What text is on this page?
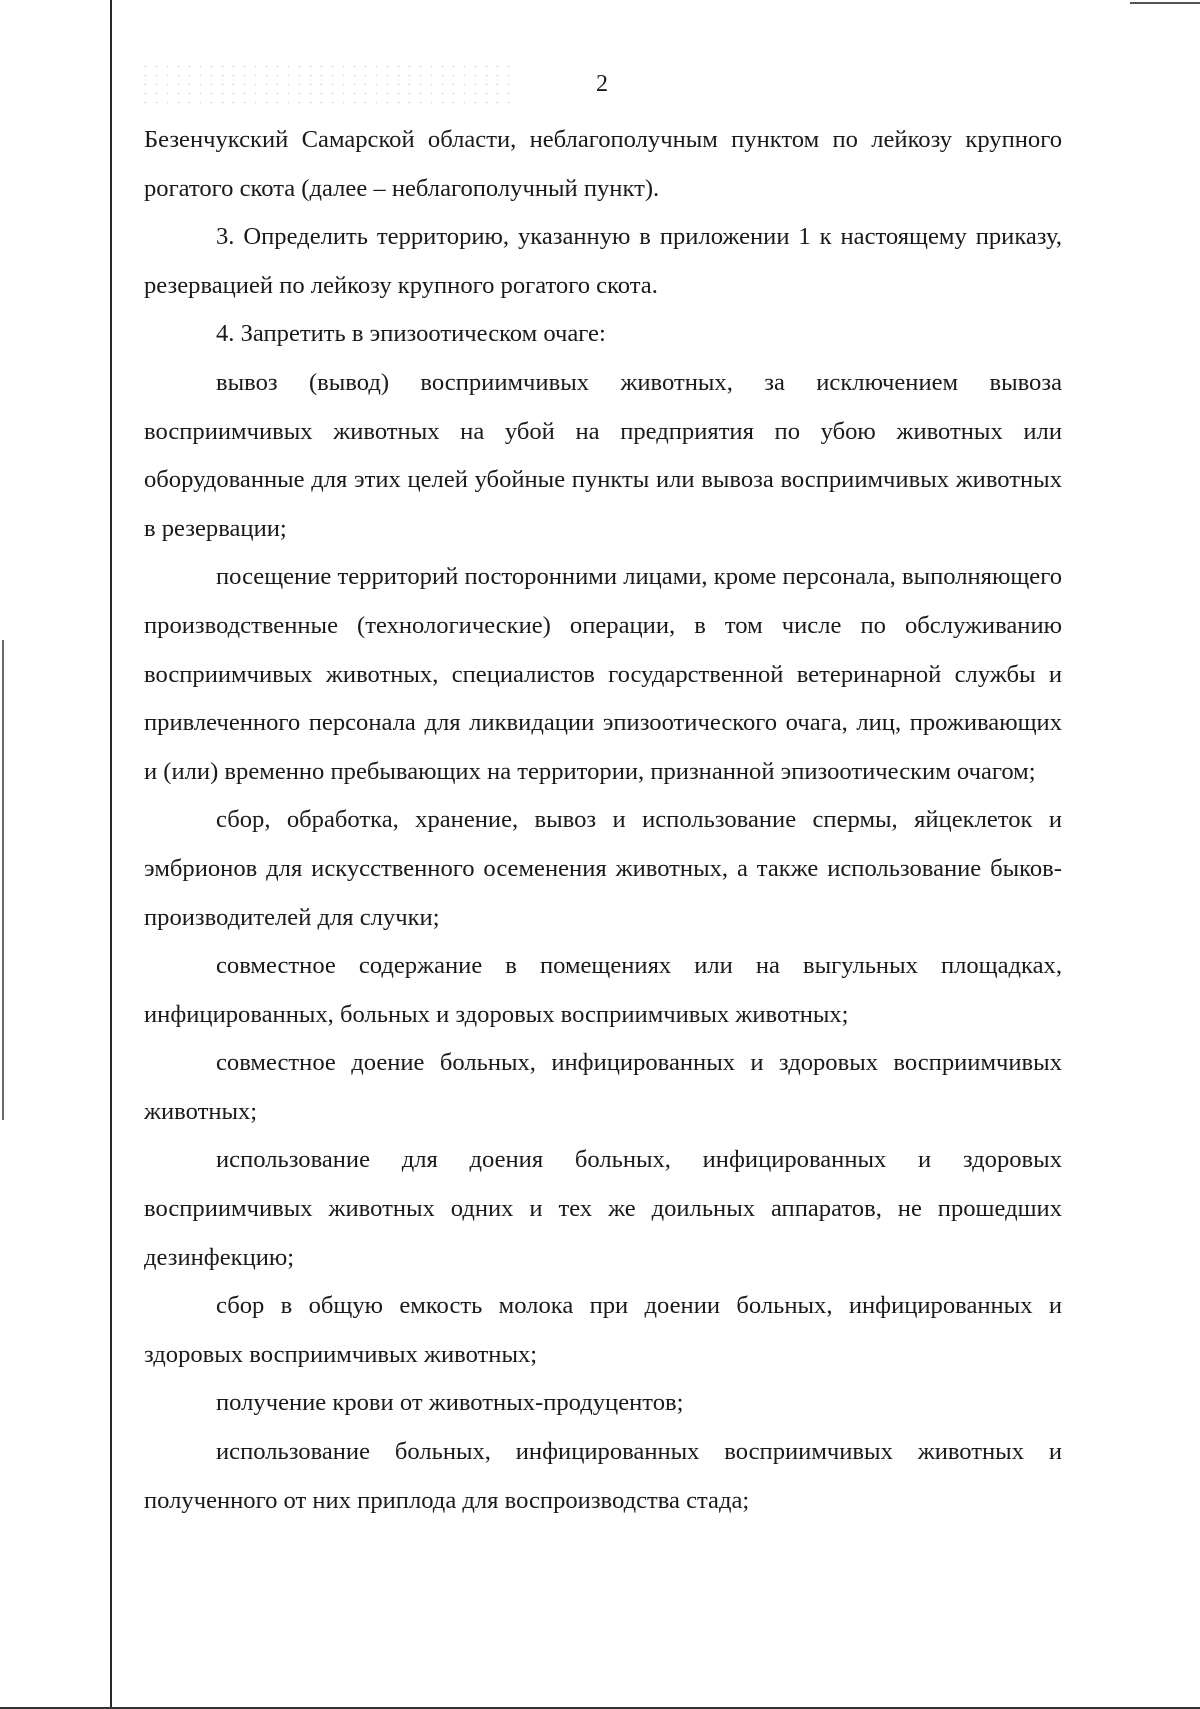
2

Безенчукский Самарской области, неблагополучным пунктом по лейкозу крупного рогатого скота (далее – неблагополучный пункт).

3. Определить территорию, указанную в приложении 1 к настоящему приказу, резервацией по лейкозу крупного рогатого скота.

4. Запретить в эпизоотическом очаге:

вывоз (вывод) восприимчивых животных, за исключением вывоза восприимчивых животных на убой на предприятия по убою животных или оборудованные для этих целей убойные пункты или вывоза восприимчивых животных в резервации;

посещение территорий посторонними лицами, кроме персонала, выполняющего производственные (технологические) операции, в том числе по обслуживанию восприимчивых животных, специалистов государственной ветеринарной службы и привлеченного персонала для ликвидации эпизоотического очага, лиц, проживающих и (или) временно пребывающих на территории, признанной эпизоотическим очагом;

сбор, обработка, хранение, вывоз и использование спермы, яйцеклеток и эмбрионов для искусственного осеменения животных, а также использование быков-производителей для случки;

совместное содержание в помещениях или на выгульных площадках, инфицированных, больных и здоровых восприимчивых животных;

совместное доение больных, инфицированных и здоровых восприимчивых животных;

использование для доения больных, инфицированных и здоровых восприимчивых животных одних и тех же доильных аппаратов, не прошедших дезинфекцию;

сбор в общую емкость молока при доении больных, инфицированных и здоровых восприимчивых животных;

получение крови от животных-продуцентов;

использование больных, инфицированных восприимчивых животных и полученного от них приплода для воспроизводства стада;
